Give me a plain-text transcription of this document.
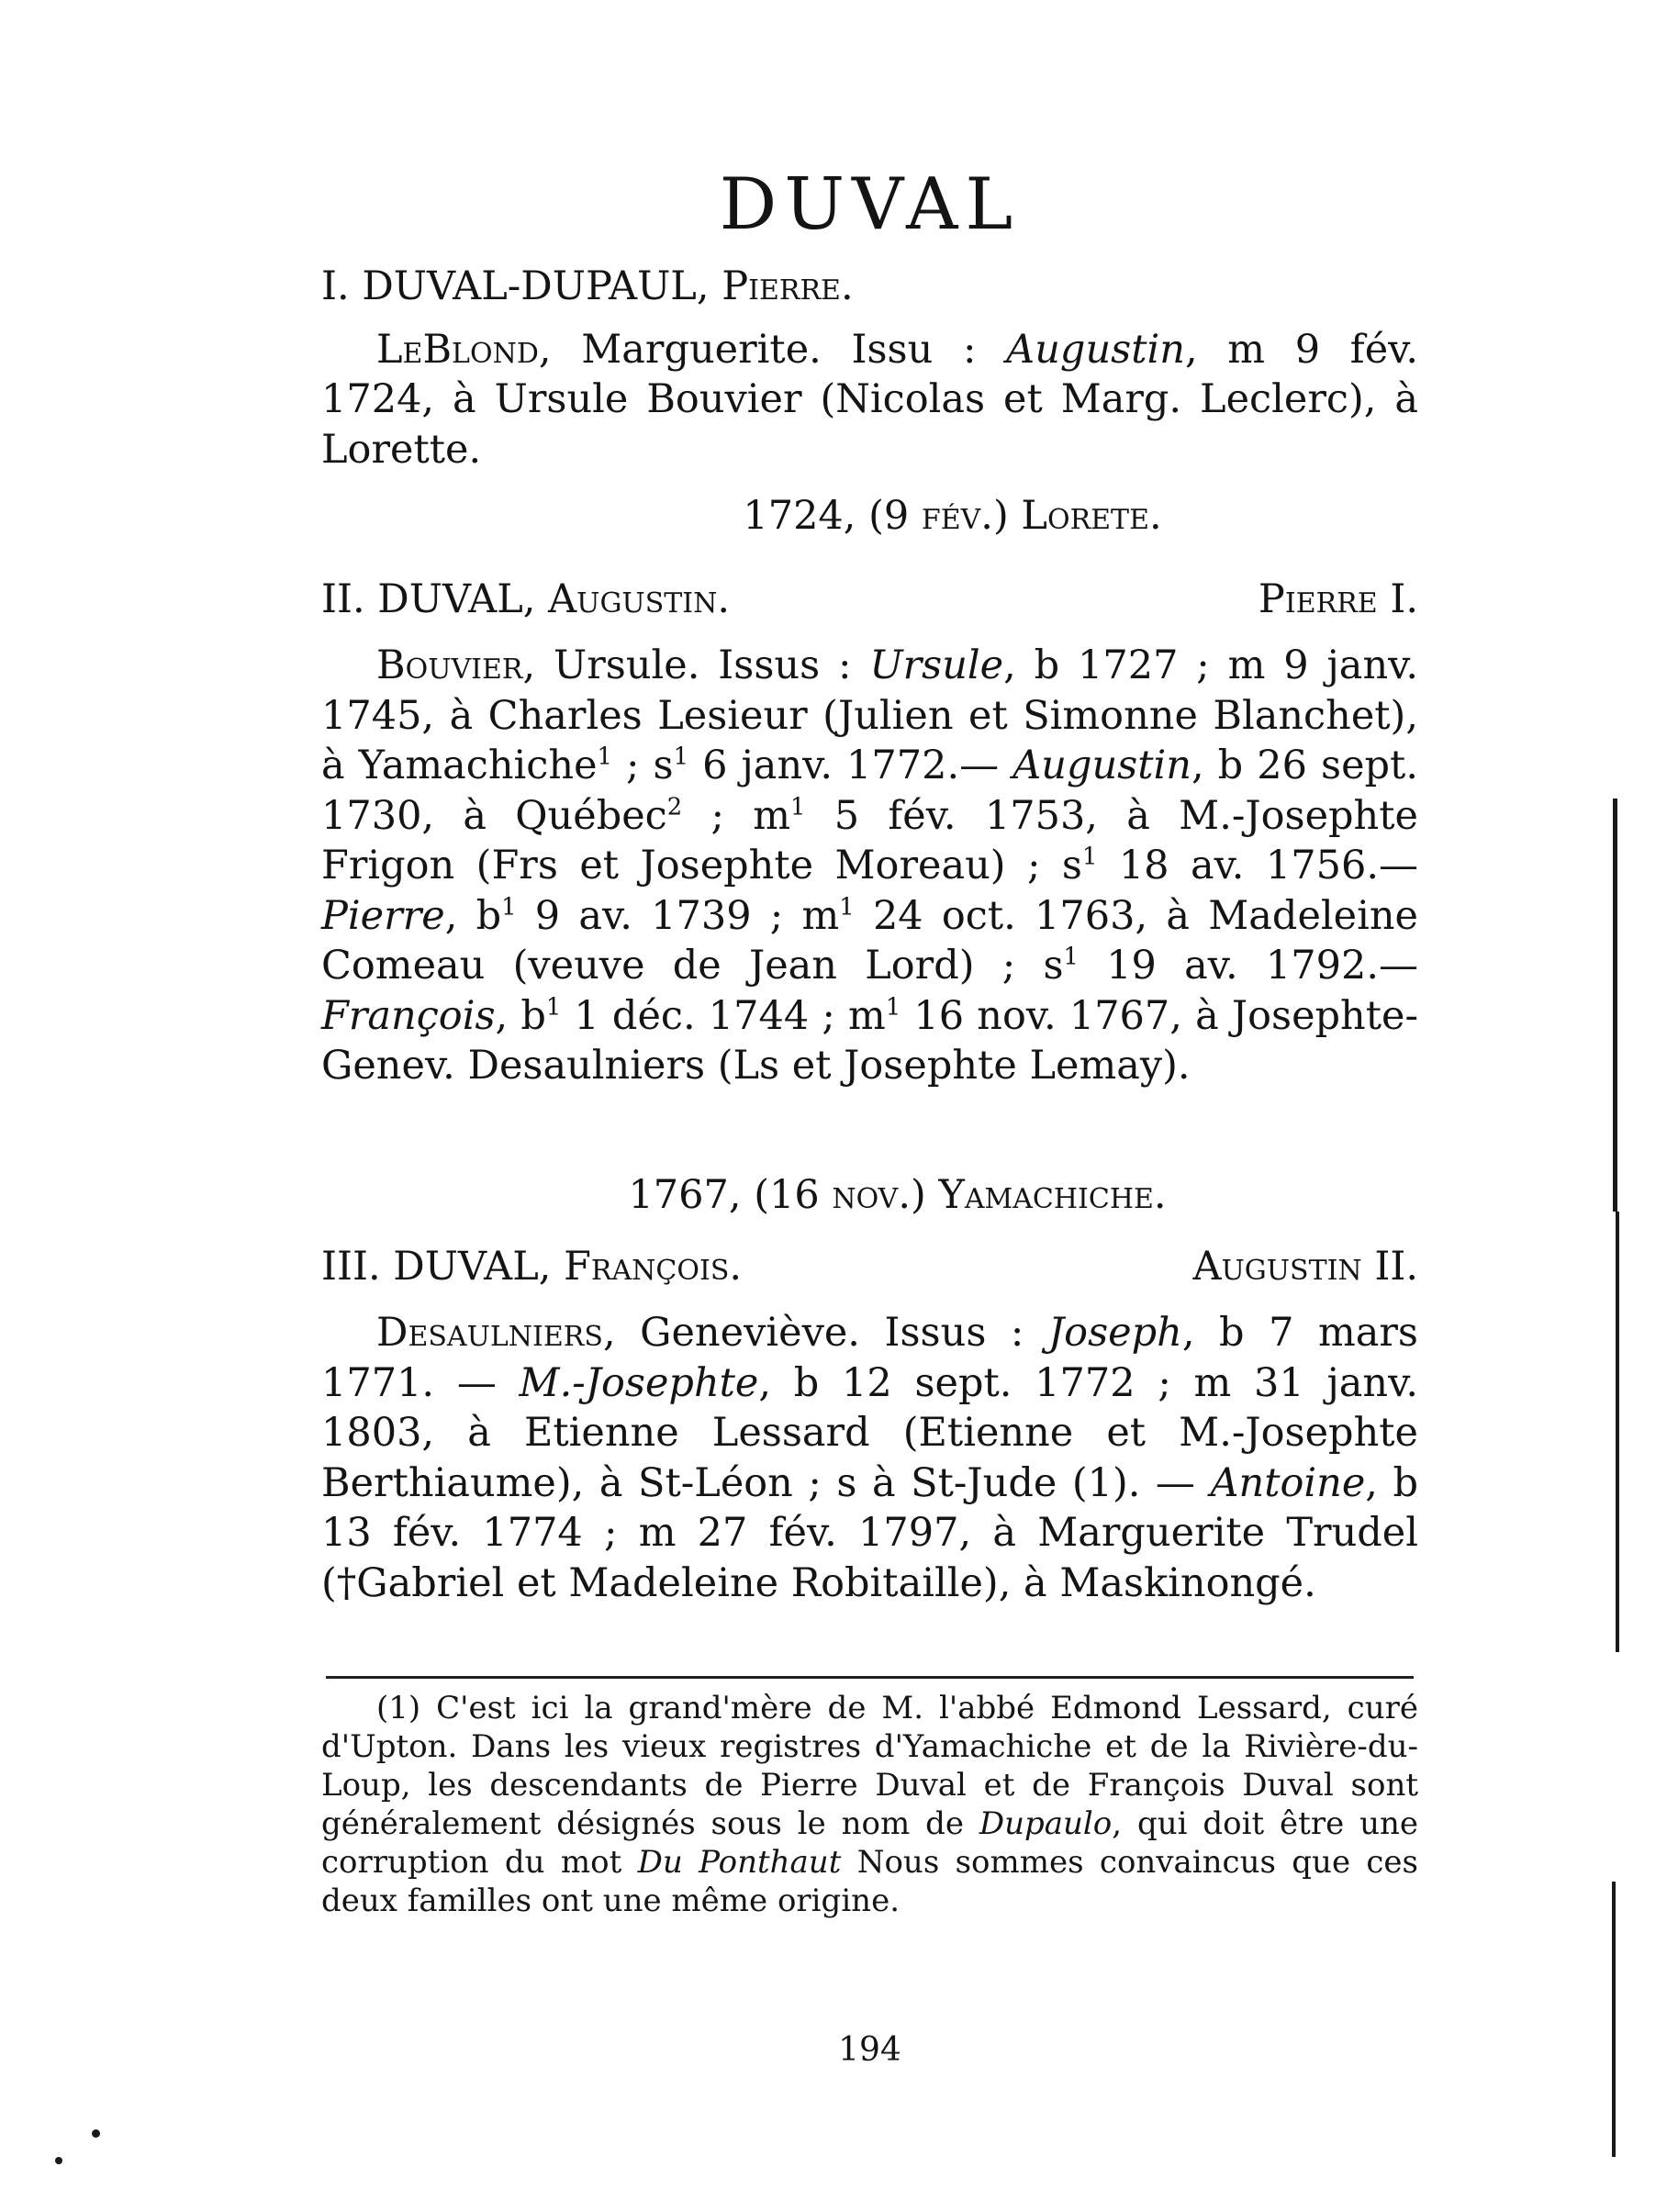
DUVAL
I. DUVAL-DUPAUL, Pierre.
LeBlond, Marguerite. Issu : Augustin, m 9 fév. 1724, à Ursule Bouvier (Nicolas et Marg. Leclerc), à Lorette.
1724, (9 fév.) Lorete.
II. DUVAL, Augustin.	Pierre I.
Bouvier, Ursule. Issus : Ursule, b 1727 ; m 9 janv. 1745, à Charles Lesieur (Julien et Simonne Blanchet), à Yamachiche$^1$ ; $s^1$ 6 janv. 1772.— Augustin, b 26 sept. 1730, à Québec$^2$ ; $m^1$ 5 fév. 1753, à M.-Josephte Frigon (Frs et Josephte Moreau) ; $s^1$ 18 av. 1756.—Pierre, $b^1$ 9 av. 1739 ; $m^1$ 24 oct. 1763, à Madeleine Comeau (veuve de Jean Lord) ; $s^1$ 19 av. 1792.—François, $b^1$ 1 déc. 1744 ; $m^1$ 16 nov. 1767, à Josephte-Genev. Desaulniers (Ls et Josephte Lemay).
1767, (16 nov.) Yamachiche.
III. DUVAL, François.	Augustin II.
Desaulniers, Geneviève. Issus : Joseph, b 7 mars 1771. — M.-Josephte, b 12 sept. 1772 ; m 31 janv. 1803, à Etienne Lessard (Etienne et M.-Josephte Berthiaume), à St-Léon ; s à St-Jude (1). — Antoine, b 13 fév. 1774 ; m 27 fév. 1797, à Marguerite Trudel (†Gabriel et Madeleine Robitaille), à Maskinongé.
(1) C'est ici la grand'mère de M. l'abbé Edmond Lessard, curé d'Upton. Dans les vieux registres d'Yamachiche et de la Rivière-du-Loup, les descendants de Pierre Duval et de François Duval sont généralement désignés sous le nom de Dupaulo, qui doit être une corruption du mot Du Ponthaut Nous sommes convaincus que ces deux familles ont une même origine.
194
